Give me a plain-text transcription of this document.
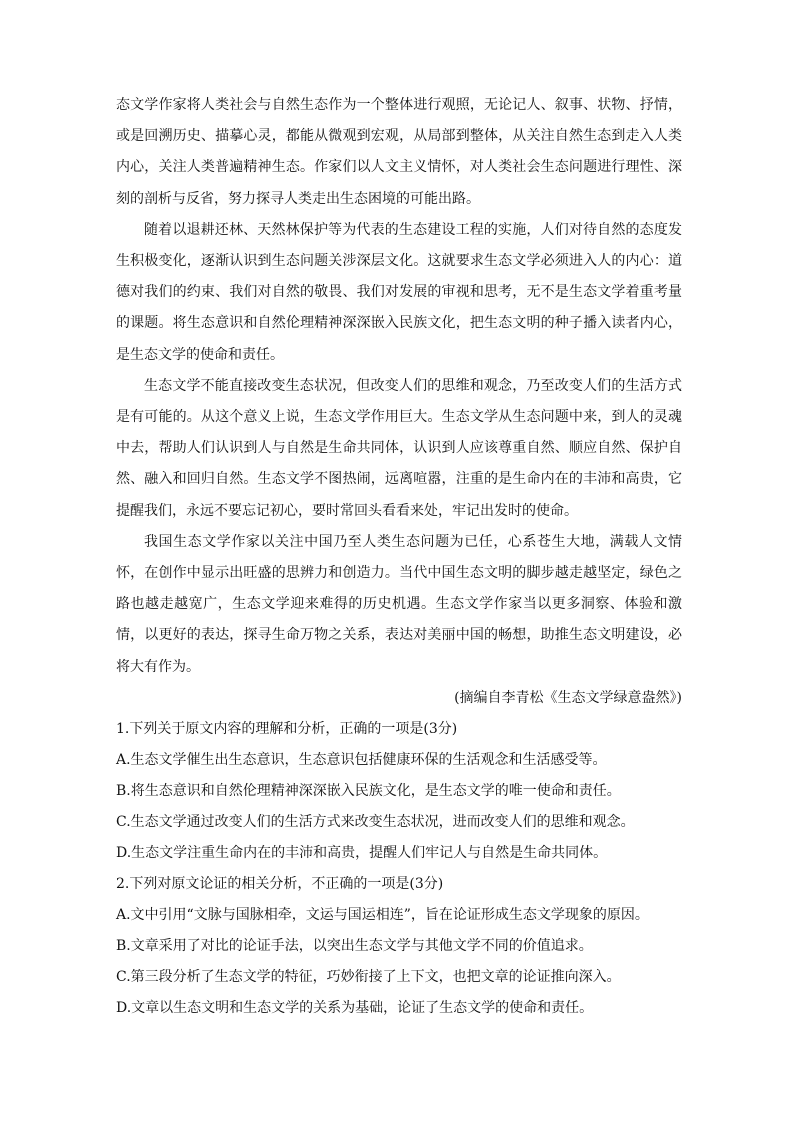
态文学作家将人类社会与自然生态作为一个整体进行观照，无论记人、叙事、状物、抒情，或是回溯历史、描摹心灵，都能从微观到宏观，从局部到整体，从关注自然生态到走入人类内心，关注人类普遍精神生态。作家们以人文主义情怀，对人类社会生态问题进行理性、深刻的剖析与反省，努力探寻人类走出生态困境的可能出路。

随着以退耕还林、天然林保护等为代表的生态建设工程的实施，人们对待自然的态度发生积极变化，逐渐认识到生态问题关涉深层文化。这就要求生态文学必须进入人的内心：道德对我们的约束、我们对自然的敬畏、我们对发展的审视和思考，无不是生态文学着重考量的课题。将生态意识和自然伦理精神深深嵌入民族文化，把生态文明的种子播入读者内心，是生态文学的使命和责任。

生态文学不能直接改变生态状况，但改变人们的思维和观念，乃至改变人们的生活方式是有可能的。从这个意义上说，生态文学作用巨大。生态文学从生态问题中来，到人的灵魂中去，帮助人们认识到人与自然是生命共同体，认识到人应该尊重自然、顺应自然、保护自然、融入和回归自然。生态文学不图热闹，远离喧嚣，注重的是生命内在的丰沛和高贵，它提醒我们，永远不要忘记初心，要时常回头看看来处，牢记出发时的使命。

我国生态文学作家以关注中国乃至人类生态问题为已任，心系苍生大地，满载人文情怀，在创作中显示出旺盛的思辨力和创造力。当代中国生态文明的脚步越走越坚定，绿色之路也越走越宽广，生态文学迎来难得的历史机遇。生态文学作家当以更多洞察、体验和激情，以更好的表达，探寻生命万物之关系，表达对美丽中国的畅想，助推生态文明建设，必将大有作为。

(摘编自李青松《生态文学绿意盎然》)

1.下列关于原文内容的理解和分析，正确的一项是(3分)

A.生态文学催生出生态意识，生态意识包括健康环保的生活观念和生活感受等。

B.将生态意识和自然伦理精神深深嵌入民族文化，是生态文学的唯一使命和责任。

C.生态文学通过改变人们的生活方式来改变生态状况，进而改变人们的思维和观念。

D.生态文学注重生命内在的丰沛和高贵，提醒人们牢记人与自然是生命共同体。

2.下列对原文论证的相关分析，不正确的一项是(3分)

A.文中引用“文脉与国脉相牵，文运与国运相连”，旨在论证形成生态文学现象的原因。

B.文章采用了对比的论证手法，以突出生态文学与其他文学不同的价值追求。

C.第三段分析了生态文学的特征，巧妙衔接了上下文，也把文章的论证推向深入。

D.文章以生态文明和生态文学的关系为基础，论证了生态文学的使命和责任。
